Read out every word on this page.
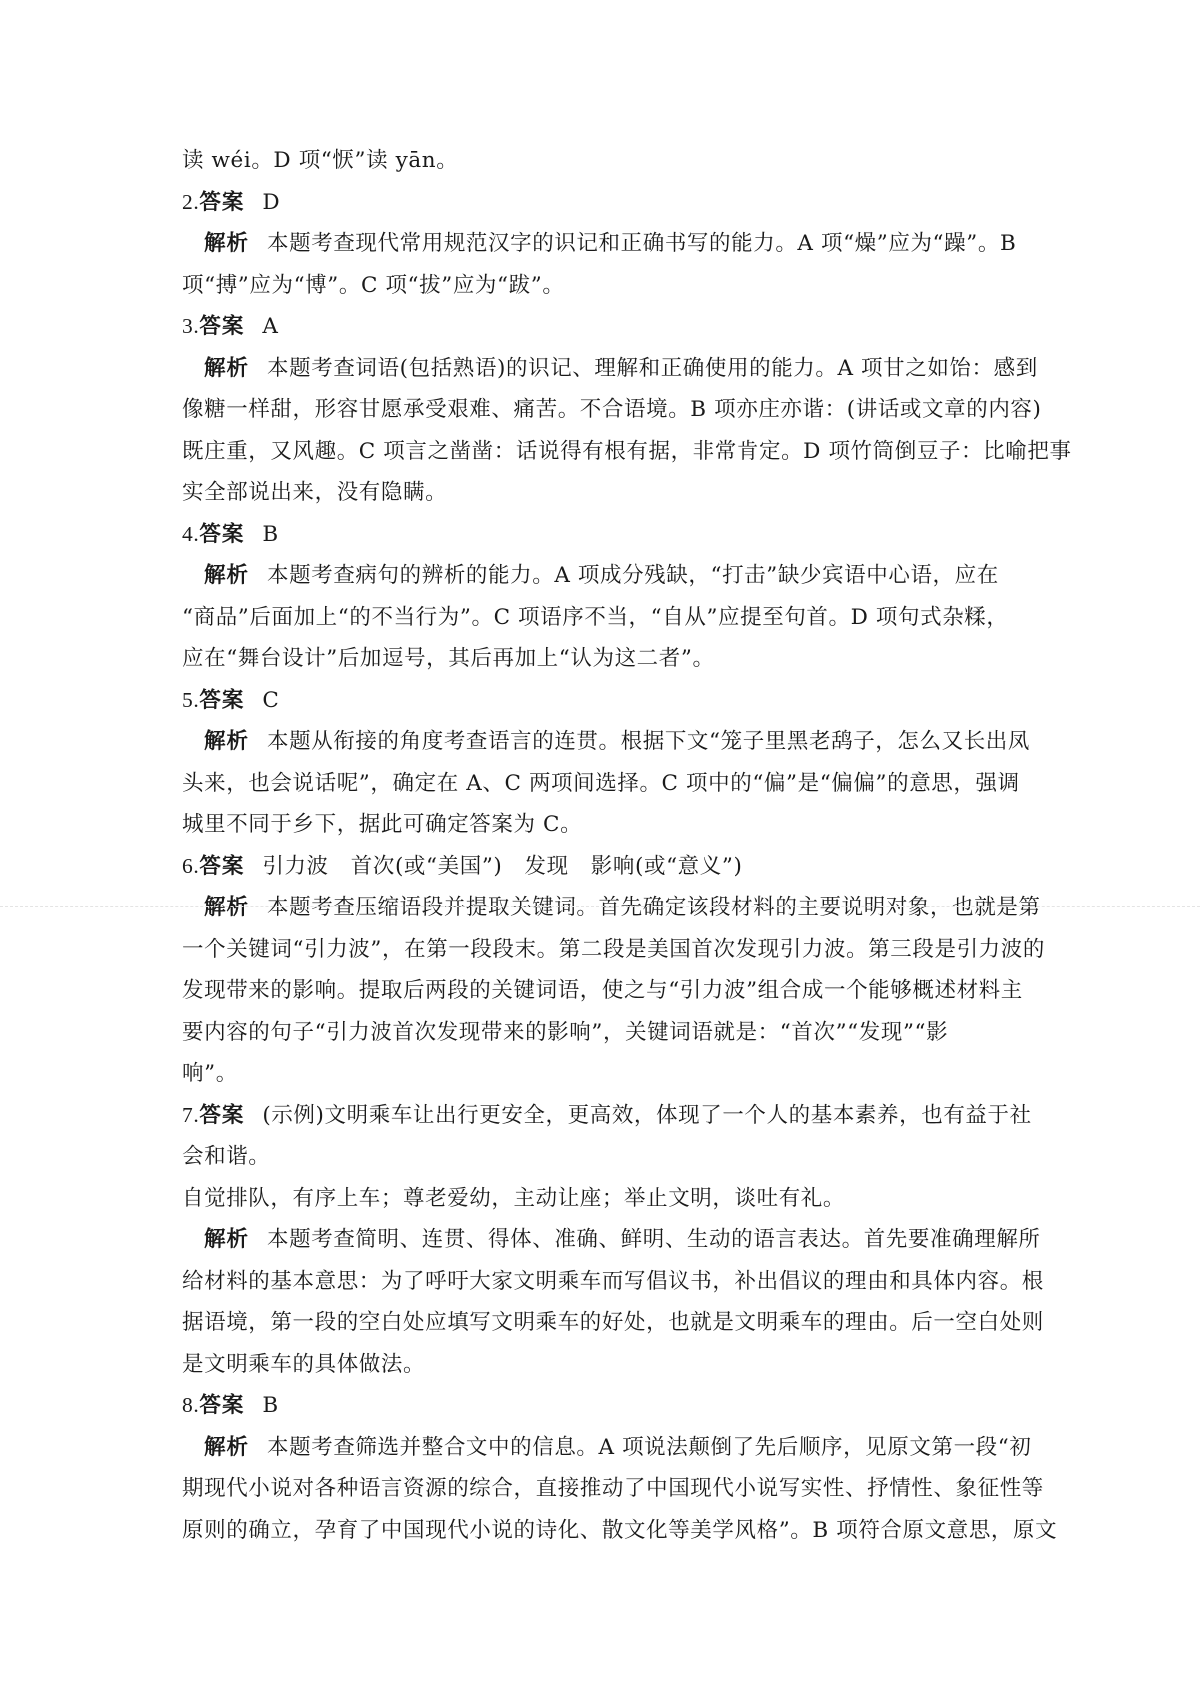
读 wéi。D 项“恹”读 yān。
2.答案 D
解析 本题考查现代常用规范汉字的识记和正确书写的能力。A 项“燥”应为“躁”。B
项“搏”应为“博”。C 项“拔”应为“跋”。
3.答案 A
解析 本题考查词语(包括熟语)的识记、理解和正确使用的能力。A 项甘之如饴：感到
像糖一样甜，形容甘愿承受艰难、痛苦。不合语境。B 项亦庄亦谐：(讲话或文章的内容)
既庄重，又风趣。C 项言之凿凿：话说得有根有据，非常肯定。D 项竹筒倒豆子：比喻把事
实全部说出来，没有隐瞒。
4.答案 B
解析 本题考查病句的辨析的能力。A 项成分残缺，“打击”缺少宾语中心语，应在
“商品”后面加上“的不当行为”。C 项语序不当，“自从”应提至句首。D 项句式杂糅，
应在“舞台设计”后加逗号，其后再加上“认为这二者”。
5.答案 C
解析 本题从衔接的角度考查语言的连贯。根据下文“笼子里黑老鸹子，怎么又长出凤
头来，也会说话呢”，确定在 A、C 两项间选择。C 项中的“偏”是“偏偏”的意思，强调
城里不同于乡下，据此可确定答案为 C。
6.答案 引力波　首次(或“美国”)　发现　影响(或“意义”)
解析 本题考查压缩语段并提取关键词。首先确定该段材料的主要说明对象，也就是第
一个关键词“引力波”，在第一段段末。第二段是美国首次发现引力波。第三段是引力波的
发现带来的影响。提取后两段的关键词语，使之与“引力波”组合成一个能够概述材料主
要内容的句子“引力波首次发现带来的影响”，关键词语就是：“首次”“发现”“影
响”。
7.答案 (示例)文明乘车让出行更安全，更高效，体现了一个人的基本素养，也有益于社
会和谐。
自觉排队，有序上车；尊老爱幼，主动让座；举止文明，谈吐有礼。
解析 本题考查简明、连贯、得体、准确、鲜明、生动的语言表达。首先要准确理解所
给材料的基本意思：为了呼吁大家文明乘车而写倡议书，补出倡议的理由和具体内容。根
据语境，第一段的空白处应填写文明乘车的好处，也就是文明乘车的理由。后一空白处则
是文明乘车的具体做法。
8.答案 B
解析 本题考查筛选并整合文中的信息。A 项说法颠倒了先后顺序，见原文第一段“初
期现代小说对各种语言资源的综合，直接推动了中国现代小说写实性、抒情性、象征性等
原则的确立，孕育了中国现代小说的诗化、散文化等美学风格”。B 项符合原文意思，原文
